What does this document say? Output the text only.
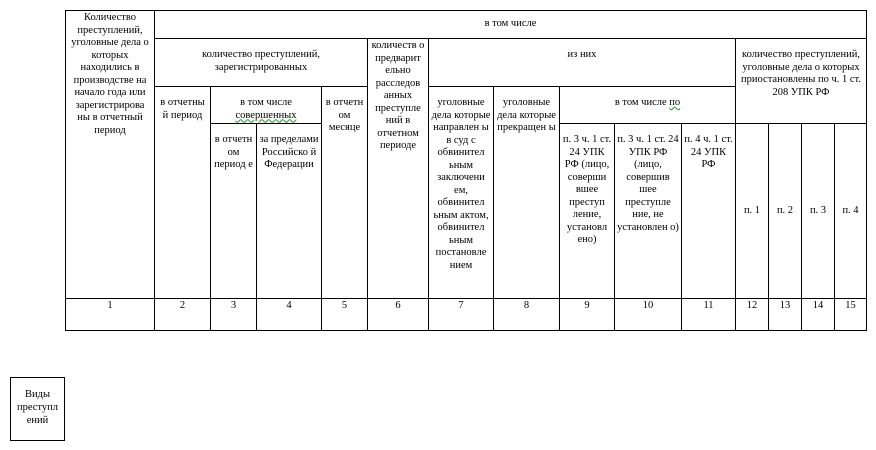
Количество преступлений, уголовные дела о которых находились в производстве на начало года или зарегистрирова ны в отчетный период	в том числе													
	количество преступлений, зарегистрированных				количеств о предварит ельно расследов анных преступле ний в отчетном периоде	из них					количество преступлений, уголовные дела о которых приостановлены по ч. 1 ст. 208 УПК РФ			
	в отчетны й период	в том числе совершенных		в отчетн ом месяце		уголовные дела которые направлен ы в суд с обвинител ьным заключени ем, обвинител ьным актом, обвинител ьным постановле нием	уголовные дела которые прекращен ы	в том числе по						
		в отчетн ом период е	за пределами Российско й Федерации					п. 3 ч. 1 ст. 24 УПК РФ (лицо, соверши вшее преступ ление, установл ено)	п. 3 ч. 1 ст. 24 УПК РФ (лицо, совершив шее преступле ние, не установлен о)	п. 4 ч. 1 ст. 24 УПК РФ	п. 1	п. 2	п. 3	п. 4
1	2	3	4	5	6	7	8	9	10	11	12	13	14	15
Виды преступл ений
